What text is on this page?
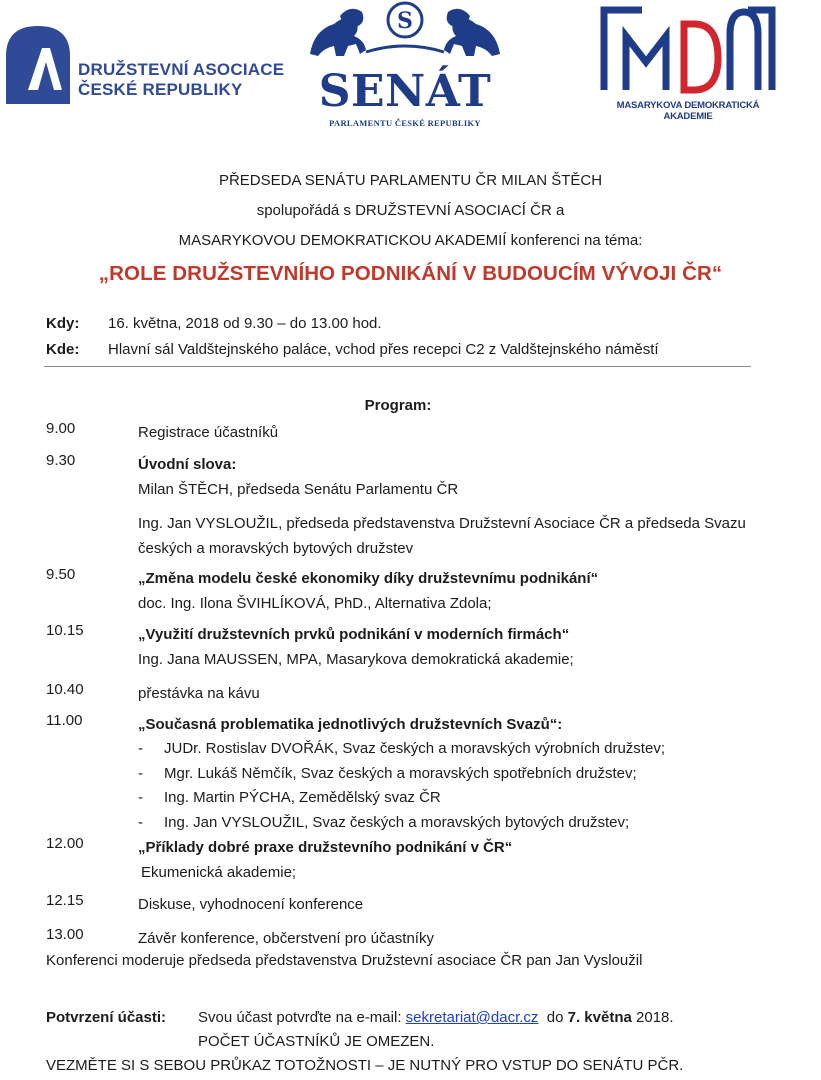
DRUŽSTEVNÍ ASOCIACE
ČESKÉ REPUBLIKY
S
SENÁT
PARLAMENTU ČESKÉ REPUBLIKY
MASARYKOVA DEMOKRATICKÁ AKADEMIE
PŘEDSEDA SENÁTU PARLAMENTU ČR MILAN ŠTĚCH
spolupořádá s DRUŽSTEVNÍ ASOCIACÍ ČR a
MASARYKOVOU DEMOKRATICKOU AKADEMIÍ konferenci na téma:
„ROLE DRUŽSTEVNÍHO PODNIKÁNÍ V BUDOUCÍM VÝVOJI ČR“
Kdy: 16. května, 2018 od 9.30 – do 13.00 hod.
Kde: Hlavní sál Valdštejnského paláce, vchod přes recepci C2 z Valdštejnského náměstí
Program:
9.00	Registrace účastníků
9.30	Úvodní slova:
Milan ŠTĚCH, předseda Senátu Parlamentu ČR
Ing. Jan VYSLOUŽIL, předseda představenstva Družstevní Asociace ČR a předseda Svazu českých a moravských bytových družstev
9.50	„Změna modelu české ekonomiky díky družstevnímu podnikání“
doc. Ing. Ilona ŠVIHLÍKOVÁ, PhD., Alternativa Zdola;
10.15	„Využití družstevních prvků podnikání v moderních firmách“
Ing. Jana MAUSSEN, MPA, Masarykova demokratická akademie;
10.40	přestávka na kávu
11.00	„Současná problematika jednotlivých družstevních Svazů“:
- JUDr. Rostislav DVOŘÁK, Svaz českých a moravských výrobních družstev;
- Mgr. Lukáš Němčík, Svaz českých a moravských spotřebních družstev;
- Ing. Martin PÝCHA, Zemědělský svaz ČR
- Ing. Jan VYSLOUŽIL, Svaz českých a moravských bytových družstev;
12.00	„Příklady dobré praxe družstevního podnikání v ČR“
Ekumenická akademie;
12.15	Diskuse, vyhodnocení konference
13.00	Závěr konference, občerstvení pro účastníky
Konferenci moderuje předseda představenstva Družstevní asociace ČR pan Jan Vysloužil
Potvrzení účasti: Svou účast potvrďte na e-mail: sekretariat@dacr.cz  do 7. května 2018.
POČET ÚČASTNÍKŮ JE OMEZEN.
VEZMĚTE SI S SEBOU PRŮKAZ TOTOŽNOSTI – JE NUTNÝ PRO VSTUP DO SENÁTU PČR.
